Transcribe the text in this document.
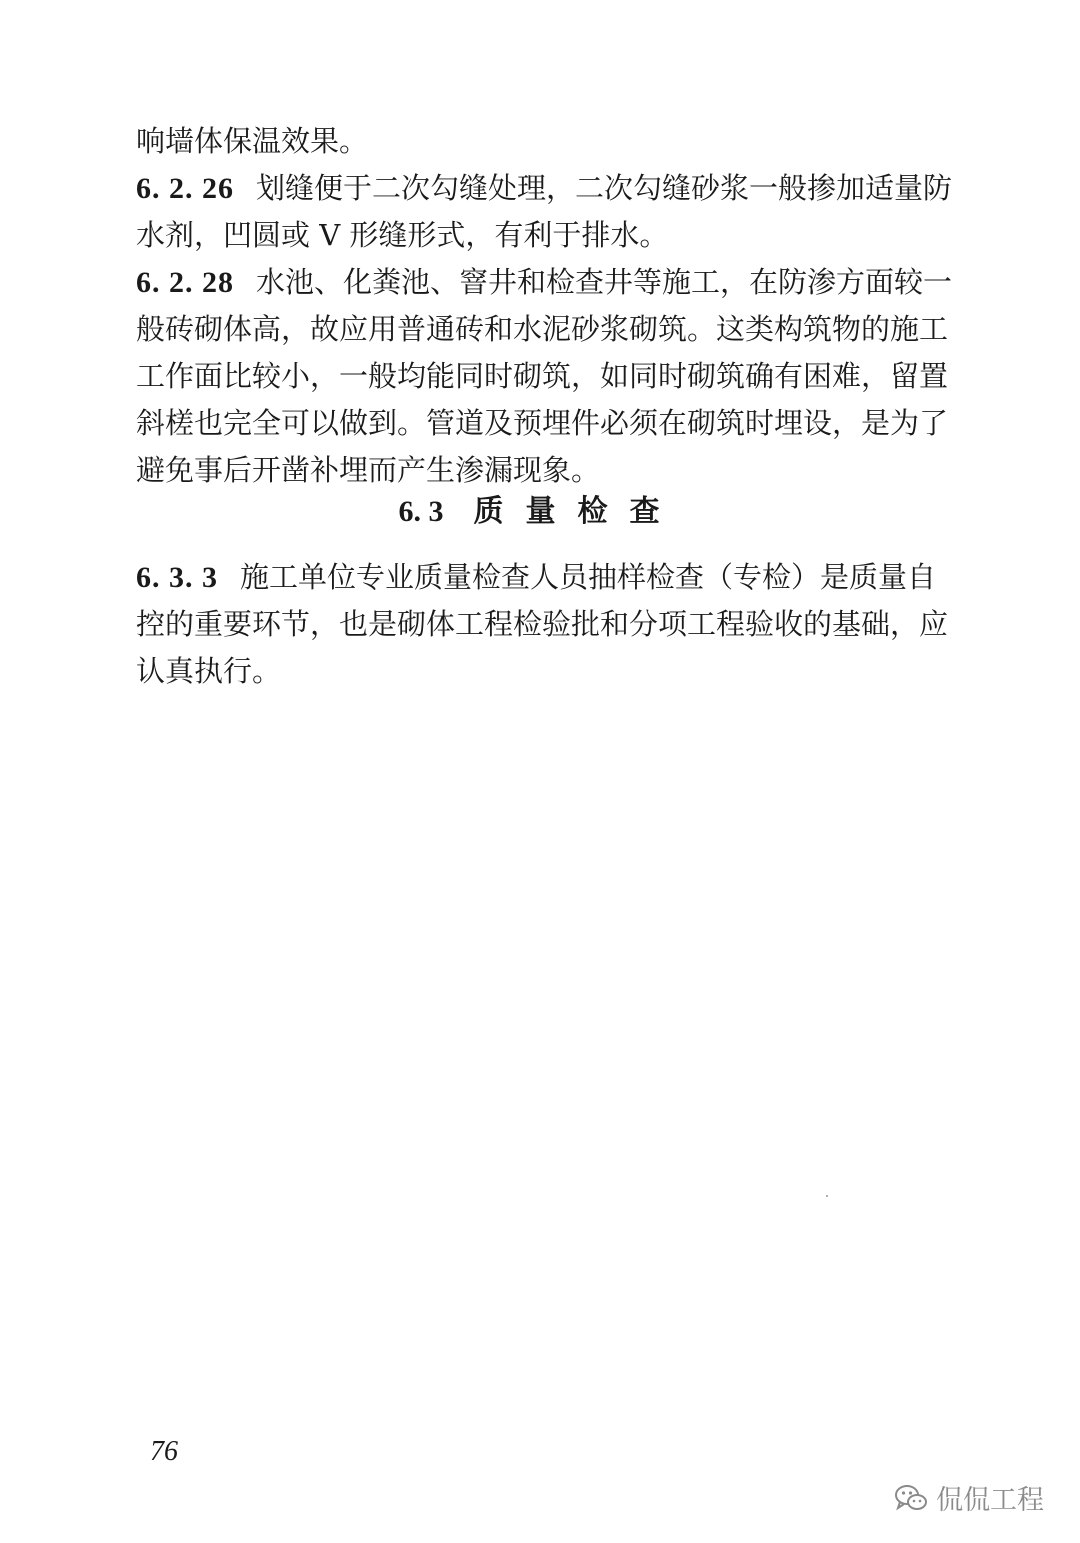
响墙体保温效果。
6. 2. 26 划缝便于二次勾缝处理，二次勾缝砂浆一般掺加适量防
水剂，凹圆或 V 形缝形式，有利于排水。
6. 2. 28 水池、化粪池、窨井和检查井等施工，在防渗方面较一
般砖砌体高，故应用普通砖和水泥砂浆砌筑。这类构筑物的施工
工作面比较小，一般均能同时砌筑，如同时砌筑确有困难，留置
斜槎也完全可以做到。管道及预埋件必须在砌筑时埋设，是为了
避免事后开凿补埋而产生渗漏现象。
6. 3 质量检查
6. 3. 3 施工单位专业质量检查人员抽样检查（专检）是质量自
控的重要环节，也是砌体工程检验批和分项工程验收的基础，应
认真执行。
76
侃侃工程
